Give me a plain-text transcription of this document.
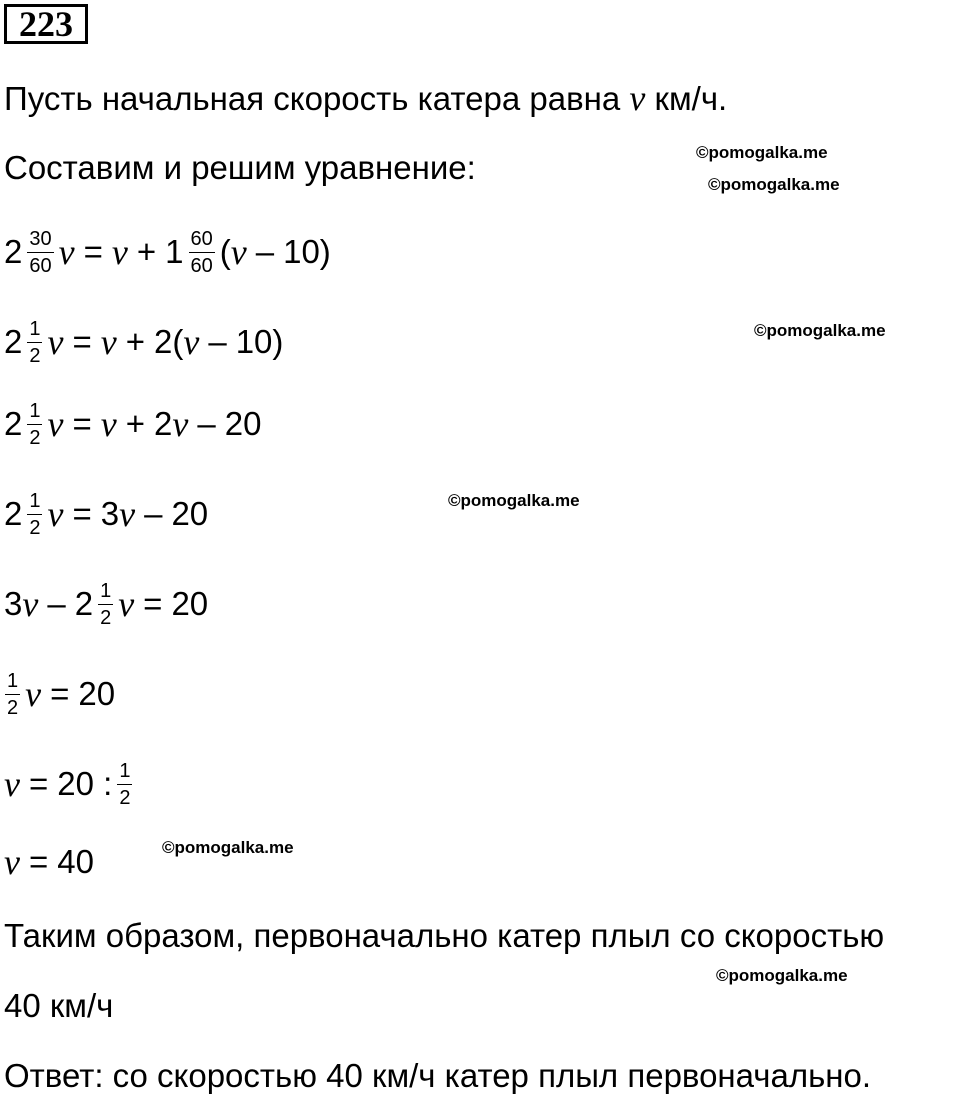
223
Пусть начальная скорость катера равна v км/ч.
Составим и решим уравнение:
$2 \frac{30}{60}$ $v = v + 1 \frac{60}{60}$ ( v – 10)
$2 \frac{1}{2}$ v = v + 2( v – 10)
$2 \frac{1}{2}$ v = v + 2 v – 20
$2 \frac{1}{2}$ v = 3 v – 20
3 v – $2 \frac{1}{2}$ v = 20
$\frac{1}{2}$ v = 20
v = 20 : $\frac{1}{2}$
v = 40
Таким образом, первоначально катер плыл со скоростью
40 км/ч
Ответ: со скоростью 40 км/ч катер плыл первоначально.
©pomogalka.me
©pomogalka.me
©pomogalka.me
©pomogalka.me
©pomogalka.me
©pomogalka.me
